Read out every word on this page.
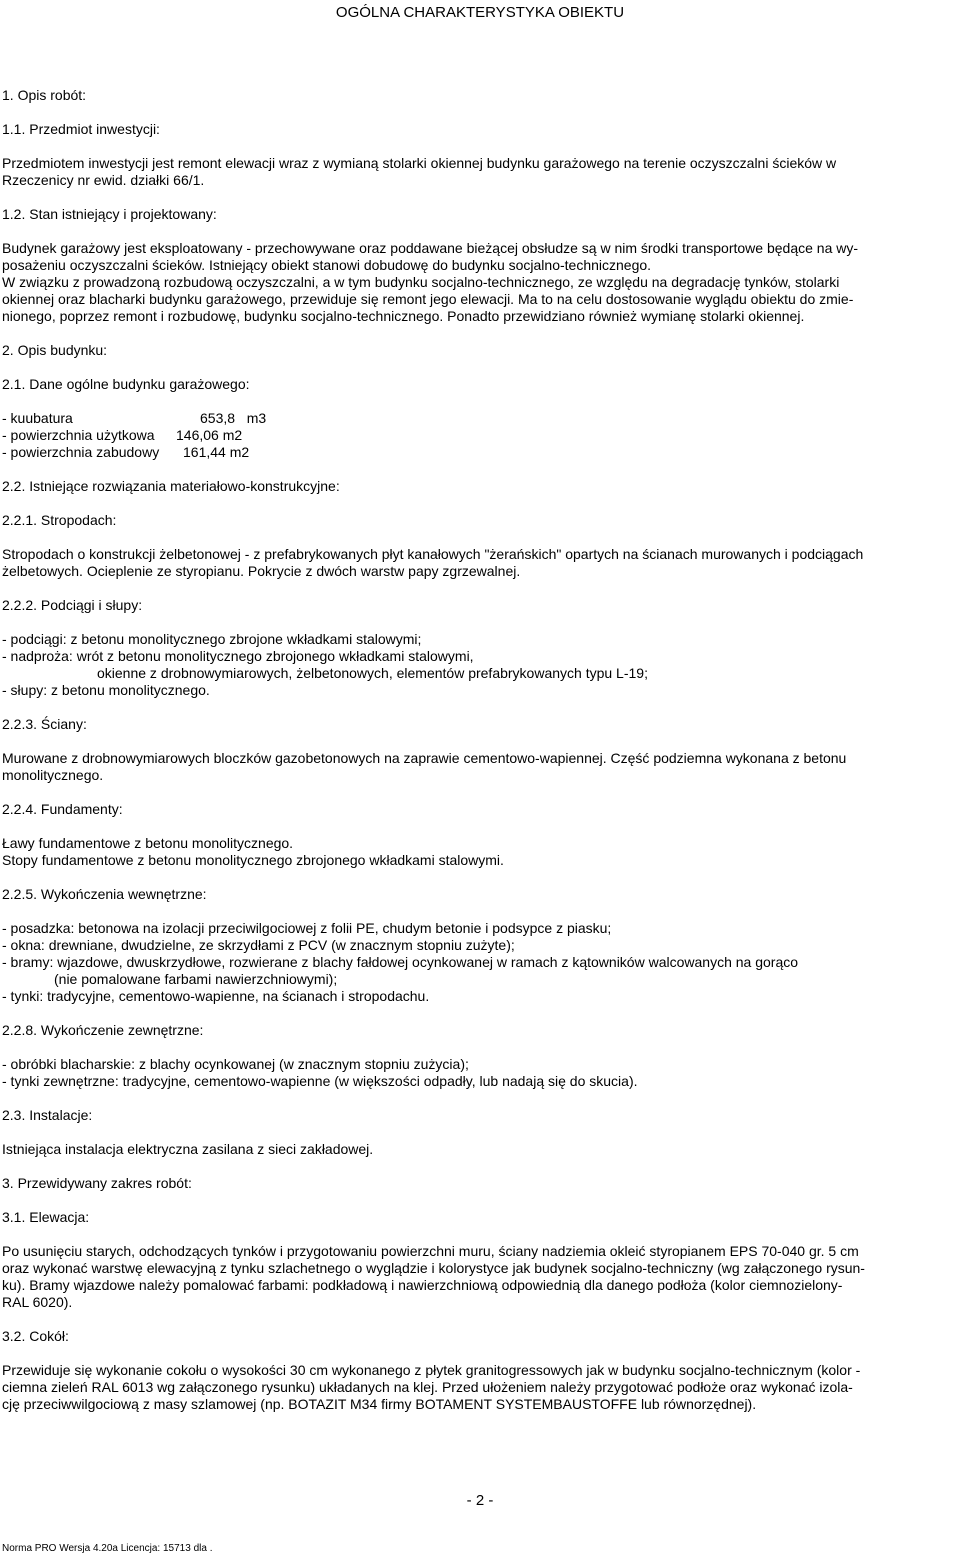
OGÓLNA CHARAKTERYSTYKA OBIEKTU
1. Opis robót:
1.1. Przedmiot inwestycji:
Przedmiotem inwestycji jest remont elewacji wraz z wymianą stolarki okiennej budynku garażowego na terenie oczyszczalni ścieków w
Rzeczenicy nr ewid. działki 66/1.
1.2. Stan istniejący i projektowany:
Budynek garażowy jest eksploatowany - przechowywane oraz poddawane bieżącej obsłudze są w nim środki transportowe będące na wy-
posażeniu oczyszczalni ścieków. Istniejący obiekt stanowi dobudowę do budynku socjalno-technicznego.
W związku z prowadzoną rozbudową oczyszczalni, a w tym budynku socjalno-technicznego, ze względu na degradację tynków, stolarki
okiennej oraz blacharki budynku garażowego, przewiduje się remont jego elewacji. Ma to na celu dostosowanie wyglądu obiektu do zmie-
nionego, poprzez remont i rozbudowę, budynku socjalno-technicznego. Ponadto przewidziano również wymianę stolarki okiennej.
2. Opis budynku:
2.1. Dane ogólne budynku garażowego:
- kuubatura	653,8   m3
- powierzchnia użytkowa	146,06 m2
- powierzchnia zabudowy	161,44 m2
2.2. Istniejące rozwiązania materiałowo-konstrukcyjne:
2.2.1. Stropodach:
Stropodach o konstrukcji żelbetonowej - z prefabrykowanych płyt kanałowych "żerańskich" opartych na ścianach murowanych i podciągach
żelbetowych. Ocieplenie ze styropianu. Pokrycie z dwóch warstw papy zgrzewalnej.
2.2.2. Podciągi i słupy:
- podciągi: z betonu monolitycznego zbrojone wkładkami stalowymi;
- nadproża: wrót z betonu monolitycznego zbrojonego wkładkami stalowymi,
okienne z drobnowymiarowych, żelbetonowych, elementów prefabrykowanych typu L-19;
- słupy: z betonu monolitycznego.
2.2.3. Ściany:
Murowane z drobnowymiarowych bloczków gazobetonowych na zaprawie cementowo-wapiennej. Część podziemna wykonana z betonu
monolitycznego.
2.2.4. Fundamenty:
Ławy fundamentowe z betonu monolitycznego.
Stopy fundamentowe z betonu monolitycznego zbrojonego wkładkami stalowymi.
2.2.5. Wykończenia wewnętrzne:
- posadzka: betonowa na izolacji przeciwilgociowej z folii PE, chudym betonie i podsypce z piasku;
- okna: drewniane, dwudzielne, ze skrzydłami z PCV (w znacznym stopniu zużyte);
- bramy: wjazdowe, dwuskrzydłowe, rozwierane z blachy fałdowej ocynkowanej w ramach z kątowników walcowanych na gorąco
(nie pomalowane farbami nawierzchniowymi);
- tynki: tradycyjne, cementowo-wapienne, na ścianach i stropodachu.
2.2.8. Wykończenie zewnętrzne:
- obróbki blacharskie: z blachy ocynkowanej (w znacznym stopniu zużycia);
- tynki zewnętrzne: tradycyjne, cementowo-wapienne (w większości odpadły, lub nadają się do skucia).
2.3. Instalacje:
Istniejąca instalacja elektryczna zasilana z sieci zakładowej.
3. Przewidywany zakres robót:
3.1. Elewacja:
Po usunięciu starych, odchodzących tynków i przygotowaniu powierzchni muru, ściany nadziemia okleić styropianem EPS 70-040 gr. 5 cm
oraz wykonać warstwę elewacyjną z tynku szlachetnego o wyglądzie i kolorystyce jak budynek socjalno-techniczny (wg załączonego rysun-
ku). Bramy wjazdowe należy pomalować farbami: podkładową i nawierzchniową odpowiednią dla danego podłoża (kolor ciemnozielony-
RAL 6020).
3.2. Cokół:
Przewiduje się wykonanie cokołu o wysokości 30 cm wykonanego z płytek granitogressowych jak w budynku socjalno-technicznym (kolor -
ciemna zieleń RAL 6013 wg załączonego rysunku) układanych na klej. Przed ułożeniem należy przygotować podłoże oraz wykonać izola-
cję przeciwwilgociową z masy szlamowej (np. BOTAZIT M34 firmy BOTAMENT SYSTEMBAUSTOFFE lub równorzędnej).
- 2 -
Norma PRO Wersja 4.20a Licencja: 15713 dla .
